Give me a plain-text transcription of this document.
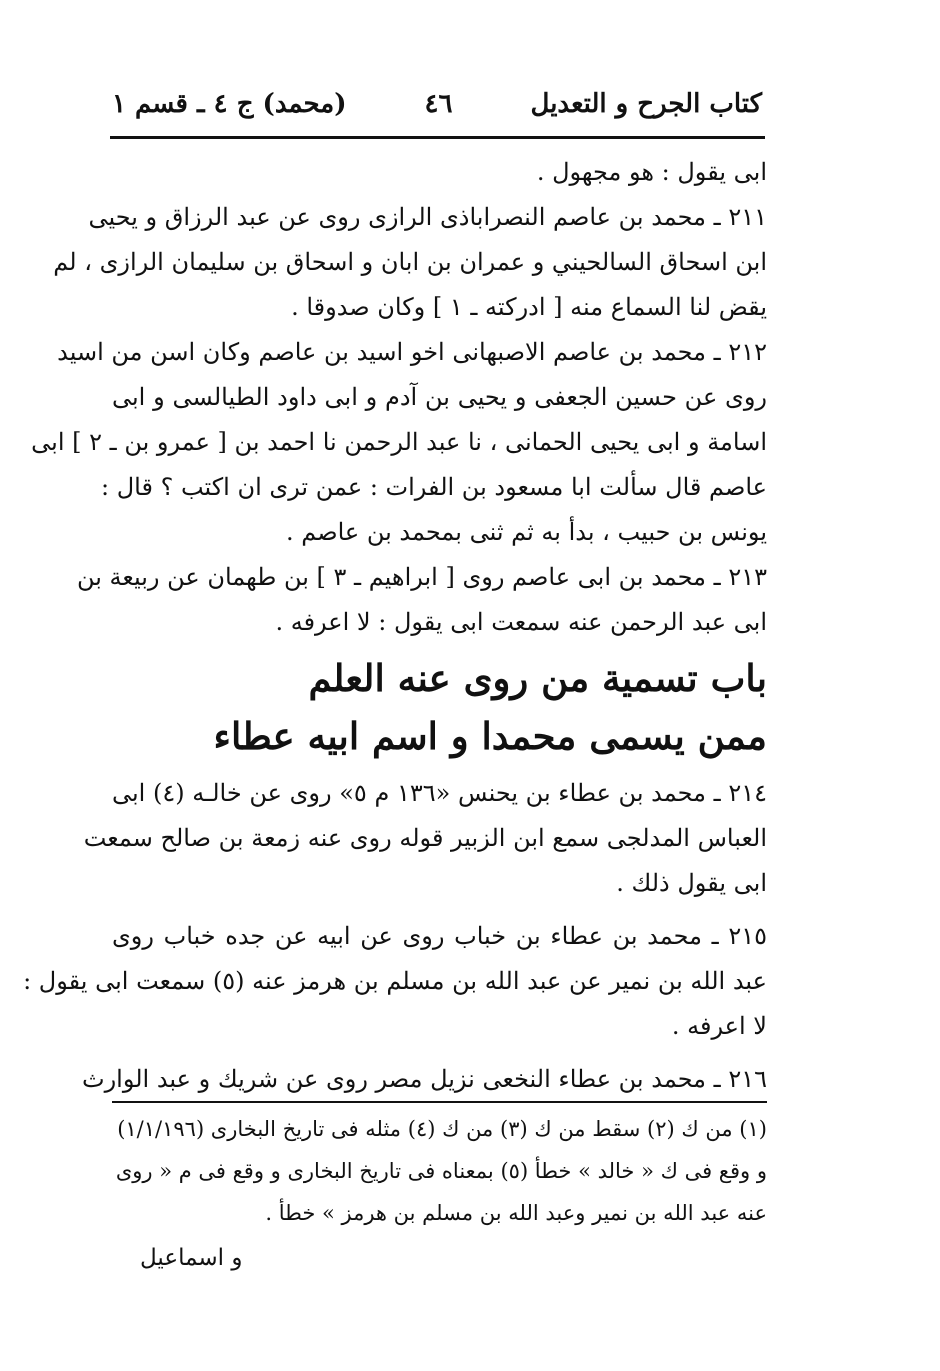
(محمد) ج ٤ ـ قسم ١	٤٦	كتاب الجرح و التعديل
ابى يقول : هو مجهول .
٢١١ ـ محمد بن عاصم النصراباذى الرازى روى عن عبد الرزاق و يحيى
ابن اسحاق السالحيني و عمران بن ابان و اسحاق بن سليمان الرازى ، لم
يقض لنا السماع منه [ ادركته ـ ١ ] وكان صدوقا .
٢١٢ ـ محمد بن عاصم الاصبهانى اخو اسيد بن عاصم وكان اسن من اسيد
روى عن حسين الجعفى و يحيى بن آدم و ابى داود الطيالسى و ابى
اسامة و ابى يحيى الحمانى ، نا عبد الرحمن نا احمد بن [ عمرو بن ـ ٢ ] ابى
عاصم قال سألت ابا مسعود بن الفرات : عمن ترى ان اكتب ؟ قال :
يونس بن حبيب ، بدأ به ثم ثنى بمحمد بن عاصم .
٢١٣ ـ محمد بن ابى عاصم روى [ ابراهيم ـ ٣ ] بن طهمان عن ربيعة بن
ابى عبد الرحمن عنه سمعت ابى يقول : لا اعرفه .
باب تسمية من روى عنه العلم
ممن يسمى محمدا و اسم ابيه عطاء
٢١٤ ـ محمد بن عطاء بن يحنس «١٣٦ م ٥» روى عن خالـه (٤) ابى
العباس المدلجى سمع ابن الزبير قوله روى عنه زمعة بن صالح سمعت
ابى يقول ذلك .
٢١٥ ـ محمد بن عطاء بن خباب روى عن ابيه عن جده خباب روى
عبد الله بن نمير عن عبد الله بن مسلم بن هرمز عنه (٥) سمعت ابى يقول :
لا اعرفه .
٢١٦ ـ محمد بن عطاء النخعى نزيل مصر روى عن شريك و عبد الوارث
(١) من ك (٢) سقط من ك (٣) من ك (٤) مثله فى تاريخ البخارى (١/١/١٩٦)
و وقع فى ك « خالد » خطأ (٥) بمعناه فى تاريخ البخارى و وقع فى م « روى
عنه عبد الله بن نمير وعبد الله بن مسلم بن هرمز » خطأ .
و اسماعيل
